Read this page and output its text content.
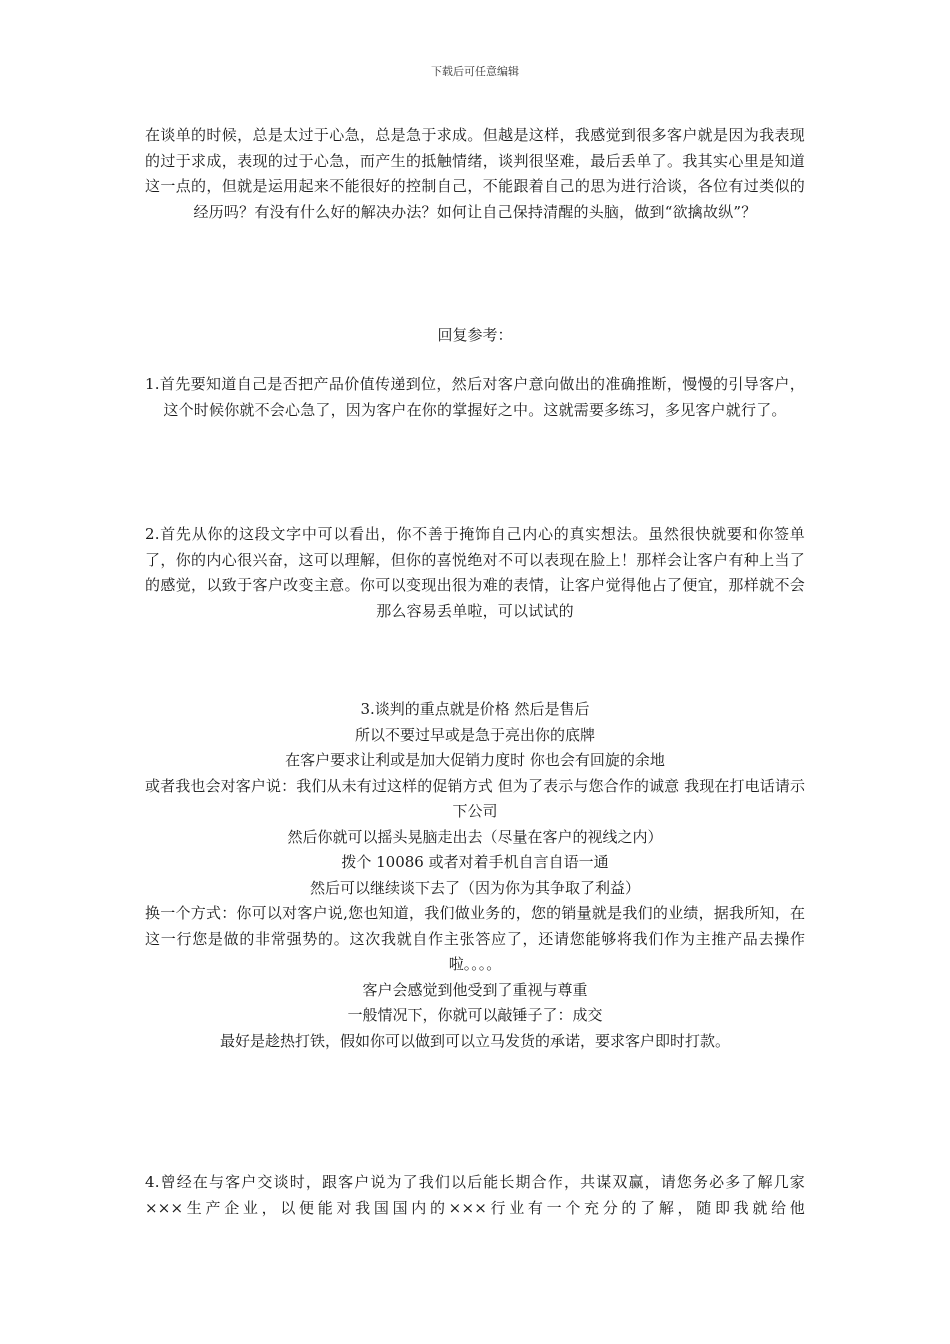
下载后可任意编辑
在谈单的时候，总是太过于心急，总是急于求成。但越是这样，我感觉到很多客户就是因为我表现的过于求成，表现的过于心急，而产生的抵触情绪，谈判很坚难，最后丢单了。我其实心里是知道这一点的，但就是运用起来不能很好的控制自己，不能跟着自己的思为进行洽谈，各位有过类似的经历吗？有没有什么好的解决办法？如何让自己保持清醒的头脑，做到“欲擒故纵”？
回复参考：
1.首先要知道自己是否把产品价值传递到位，然后对客户意向做出的准确推断，慢慢的引导客户，这个时候你就不会心急了，因为客户在你的掌握好之中。这就需要多练习，多见客户就行了。
2.首先从你的这段文字中可以看出，你不善于掩饰自己内心的真实想法。虽然很快就要和你签单了，你的内心很兴奋，这可以理解，但你的喜悦绝对不可以表现在脸上！那样会让客户有种上当了的感觉，以致于客户改变主意。你可以变现出很为难的表情，让客户觉得他占了便宜，那样就不会那么容易丢单啦，可以试试的
3.谈判的重点就是价格 然后是售后
所以不要过早或是急于亮出你的底牌
在客户要求让利或是加大促销力度时 你也会有回旋的余地
或者我也会对客户说：我们从未有过这样的促销方式 但为了表示与您合作的诚意 我现在打电话请示下公司
然后你就可以摇头晃脑走出去（尽量在客户的视线之内）
拨个 10086 或者对着手机自言自语一通
然后可以继续谈下去了（因为你为其争取了利益）
换一个方式：你可以对客户说,您也知道，我们做业务的，您的销量就是我们的业绩，据我所知，在这一行您是做的非常强势的。这次我就自作主张答应了，还请您能够将我们作为主推产品去操作啦。。。。
客户会感觉到他受到了重视与尊重
一般情况下，你就可以敲锤子了：成交
最好是趁热打铁，假如你可以做到可以立马发货的承诺，要求客户即时打款。
4.曾经在与客户交谈时，跟客户说为了我们以后能长期合作，共谋双赢，请您务必多了解几家×××生产企业，以便能对我国国内的×××行业有一个充分的了解，随即我就给他
